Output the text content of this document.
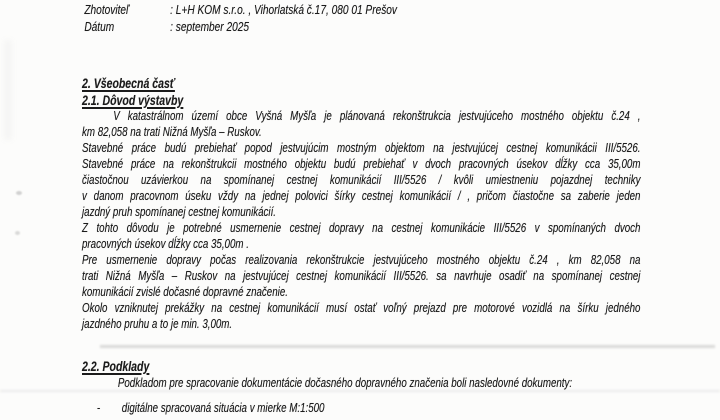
Zhotoviteľ	: L+H KOM s.r.o. , Vihorlatská č.17, 080 01 Prešov
Dátum	: september 2025
2. Všeobecná časť
2.1. Dôvod výstavby
V katastrálnom území obce Vyšná Myšľa je plánovaná rekonštrukcia jestvujúceho mostného objektu č.24 ,
km 82,058 na trati Nižná Myšľa – Ruskov.
Stavebné práce budú prebiehať popod jestvujúcim mostným objektom na jestvujúcej cestnej komunikácii III/5526.
Stavebné práce na rekonštrukcii mostného objektu budú prebiehať v dvoch pracovných úsekov dĺžky cca 35,00m
čiastočnou uzávierkou na spomínanej cestnej komunikácií III/5526 / kvôli umiestneniu pojazdnej techniky
v danom pracovnom úseku vždy na jednej polovici šírky cestnej komunikácií / , pričom čiastočne sa zaberie jeden
jazdný pruh spomínanej cestnej komunikácií.
Z tohto dôvodu je potrebné usmernenie cestnej dopravy na cestnej komunikácie III/5526 v spomínaných dvoch
pracovných úsekov dĺžky cca 35,00m .
Pre usmernenie dopravy počas realizovania rekonštrukcie jestvujúceho mostného objektu č.24 , km 82,058 na
trati Nižná Myšľa – Ruskov na jestvujúcej cestnej komunikácií III/5526. sa navrhuje osadiť na spomínanej cestnej
komunikácií zvislé dočasné dopravné značenie.
Okolo vzniknutej prekážky na cestnej komunikácií musí ostať voľný prejazd pre motorové vozidlá na šírku jedného
jazdného pruhu a to je min. 3,00m.
2.2. Podklady
Podkladom pre spracovanie dokumentácie dočasného dopravného značenia boli nasledovné dokumenty:
- digitálne spracovaná situácia v mierke M:1:500
